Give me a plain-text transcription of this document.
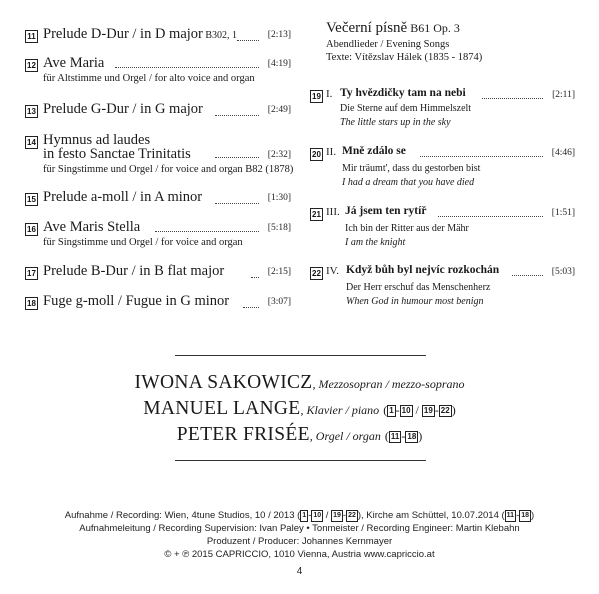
11 Prelude D-Dur / in D major B302, 1	[2:13]
12 Ave Maria	[4:19]
für Altstimme und Orgel / for alto voice and organ
13 Prelude G-Dur / in G major	[2:49]
14 Hymnus ad laudes
in festo Sanctae Trinitatis	[2:32]
für Singstimme und Orgel / for voice and organ B82 (1878)
15 Prelude a-moll / in A minor	[1:30]
16 Ave Maris Stella	[5:18]
für Singstimme und Orgel / for voice and organ
17 Prelude B-Dur / in B flat major	[2:15]
18 Fuge g-moll / Fugue in G minor	[3:07]
Večerní písně B61 Op. 3
Abendlieder / Evening Songs
Texte: Vítězslav Hálek (1835 - 1874)
19 I. Ty hvězdičky tam na nebi	[2:11]
Die Sterne auf dem Himmelszelt
The little stars up in the sky
20 II. Mně zdálo se	[4:46]
Mir träumt', dass du gestorben bist
I had a dream that you have died
21 III. Já jsem ten rytíř	[1:51]
Ich bin der Ritter aus der Mähr
I am the knight
22 IV. Když bůh byl nejvíc rozkochán	[5:03]
Der Herr erschuf das Menschenherz
When God in humour most benign
IWONA SAKOWICZ, Mezzosopran / mezzo-soprano
MANUEL LANGE, Klavier / piano ( 1 - 10 / 19 - 22 )
PETER FRISÉE, Orgel / organ ( 11 - 18 )
Aufnahme / Recording: Wien, 4tune Studios, 10 / 2013 ( 1 - 10 / 19 - 22 ), Kirche am Schüttel, 10.07.2014 ( 11 - 18 )
Aufnahmeleitung / Recording Supervision: Ivan Paley • Tonmeister / Recording Engineer: Martin Klebahn
Produzent / Producer: Johannes Kernmayer
© + ℗ 2015 CAPRICCIO, 1010 Vienna, Austria www.capriccio.at
4
